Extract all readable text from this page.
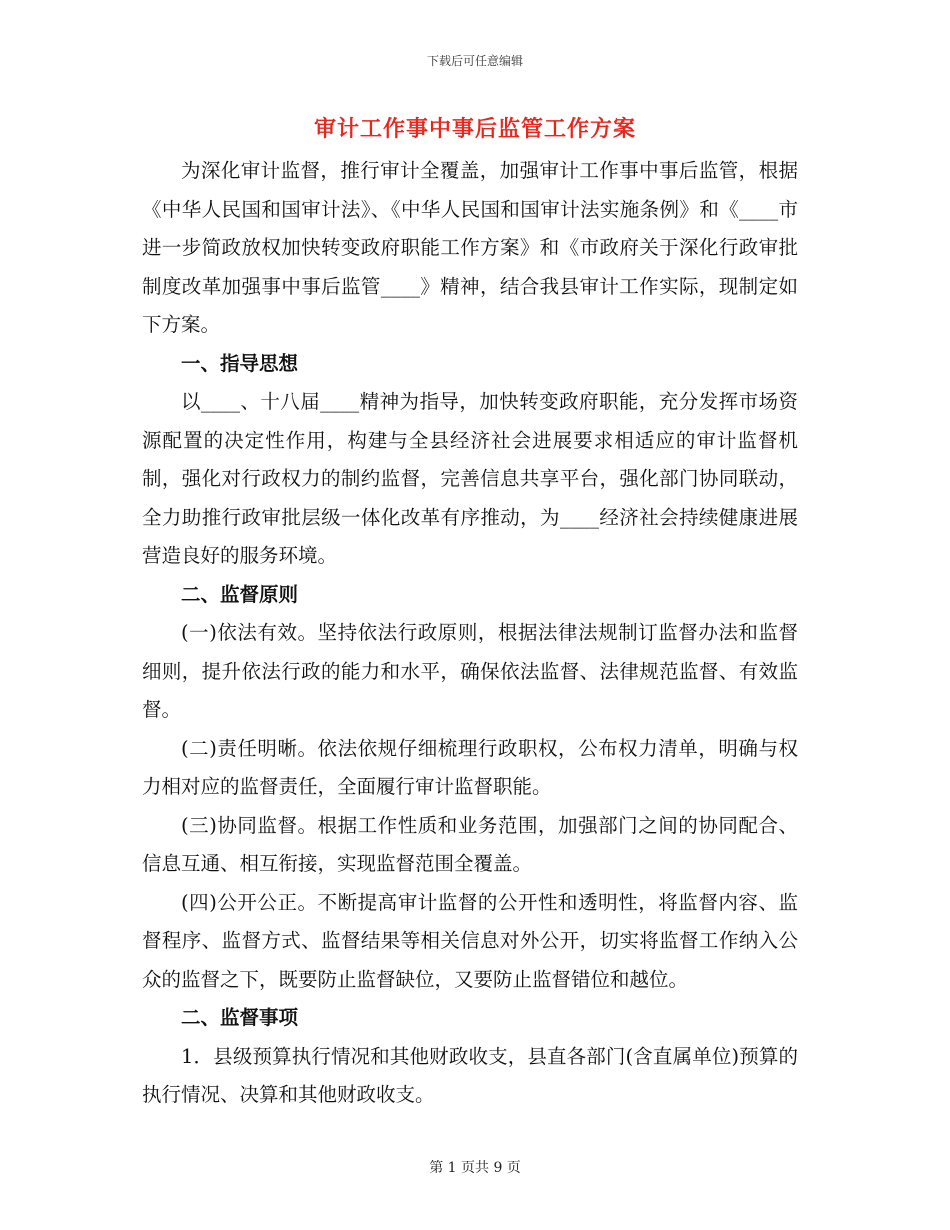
下载后可任意编辑
审计工作事中事后监管工作方案

为深化审计监督，推行审计全覆盖，加强审计工作事中事后监管，根据《中华人民国和国审计法》、《中华人民国和国审计法实施条例》和《____市进一步简政放权加快转变政府职能工作方案》和《市政府关于深化行政审批制度改革加强事中事后监管____》精神，结合我县审计工作实际，现制定如下方案。

一、指导思想

以____、十八届____精神为指导，加快转变政府职能，充分发挥市场资源配置的决定性作用，构建与全县经济社会进展要求相适应的审计监督机制，强化对行政权力的制约监督，完善信息共享平台，强化部门协同联动，全力助推行政审批层级一体化改革有序推动，为____经济社会持续健康进展营造良好的服务环境。

二、监督原则

(一)依法有效。坚持依法行政原则，根据法律法规制订监督办法和监督细则，提升依法行政的能力和水平，确保依法监督、法律规范监督、有效监督。

(二)责任明晰。依法依规仔细梳理行政职权，公布权力清单，明确与权力相对应的监督责任，全面履行审计监督职能。

(三)协同监督。根据工作性质和业务范围，加强部门之间的协同配合、信息互通、相互衔接，实现监督范围全覆盖。

(四)公开公正。不断提高审计监督的公开性和透明性，将监督内容、监督程序、监督方式、监督结果等相关信息对外公开，切实将监督工作纳入公众的监督之下，既要防止监督缺位，又要防止监督错位和越位。

二、监督事项

1．县级预算执行情况和其他财政收支，县直各部门(含直属单位)预算的执行情况、决算和其他财政收支。

第 1 页共 9 页
